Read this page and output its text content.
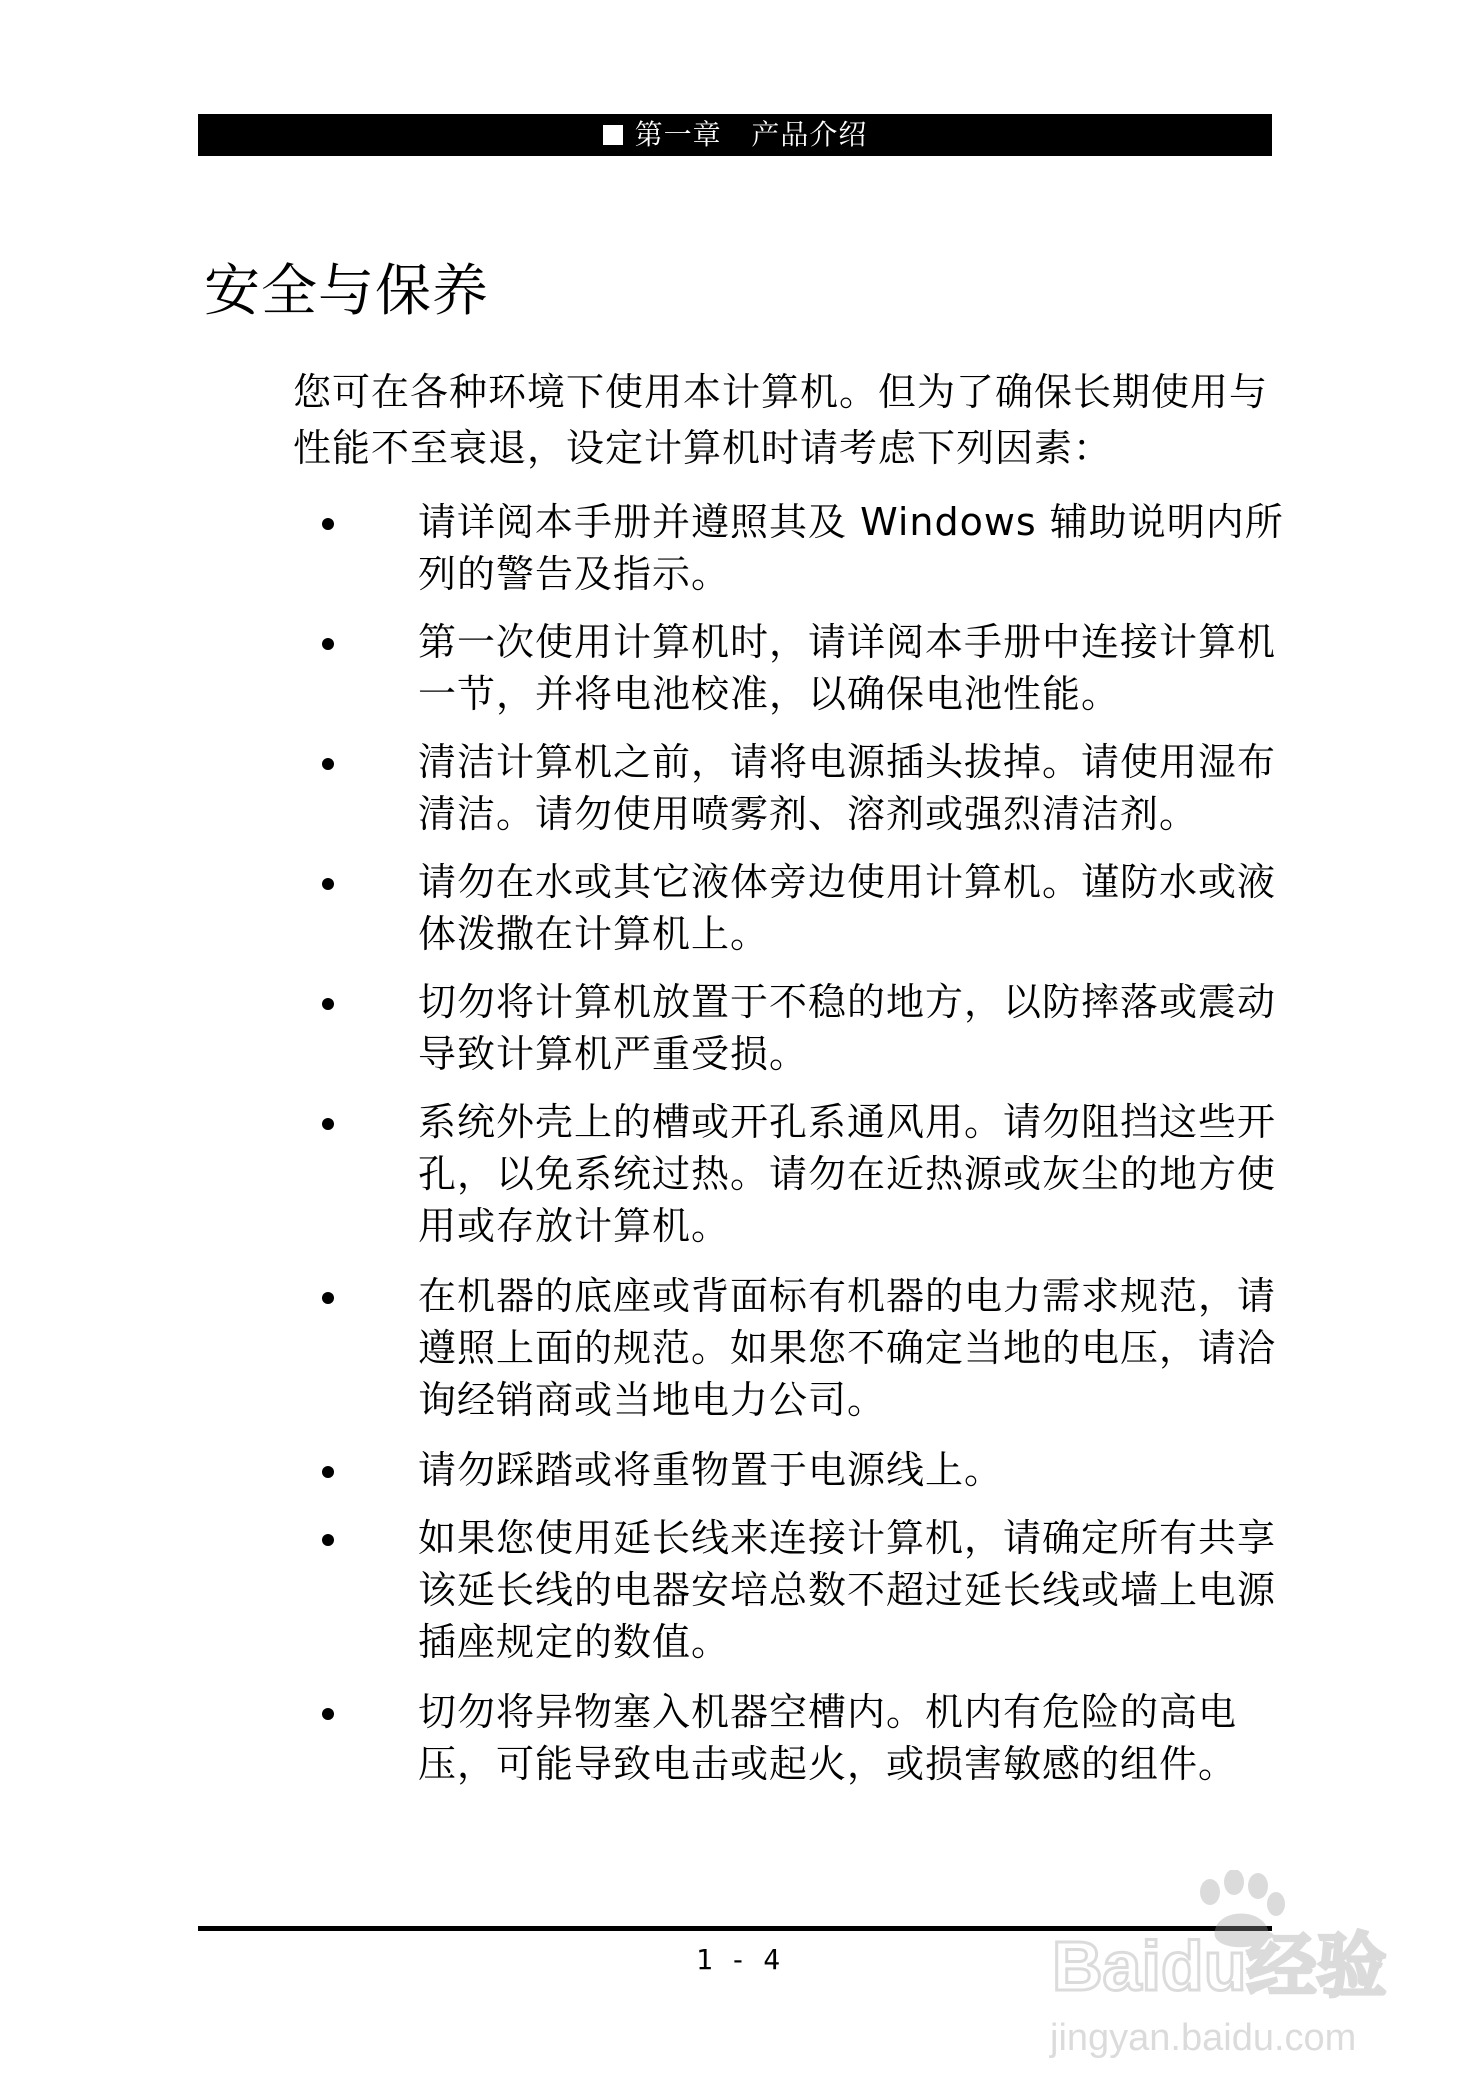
第一章   产品介绍
安全与保养

您可在各种环境下使用本计算机。但为了确保长期使用与性能不至衰退，设定计算机时请考虑下列因素：

请详阅本手册并遵照其及 Windows 辅助说明内所列的警告及指示。

第一次使用计算机时，请详阅本手册中连接计算机一节，并将电池校准，以确保电池性能。

清洁计算机之前，请将电源插头拔掉。请使用湿布清洁。请勿使用喷雾剂、溶剂或强烈清洁剂。

请勿在水或其它液体旁边使用计算机。谨防水或液体泼撒在计算机上。

切勿将计算机放置于不稳的地方，以防摔落或震动导致计算机严重受损。

系统外壳上的槽或开孔系通风用。请勿阻挡这些开孔，以免系统过热。请勿在近热源或灰尘的地方使用或存放计算机。

在机器的底座或背面标有机器的电力需求规范，请遵照上面的规范。如果您不确定当地的电压，请洽询经销商或当地电力公司。

请勿踩踏或将重物置于电源线上。

如果您使用延长线来连接计算机，请确定所有共享该延长线的电器安培总数不超过延长线或墙上电源插座规定的数值。

切勿将异物塞入机器空槽内。机内有危险的高电压，可能导致电击或起火，或损害敏感的组件。

1 - 4	Baidu经验
jingyan.baidu.com
